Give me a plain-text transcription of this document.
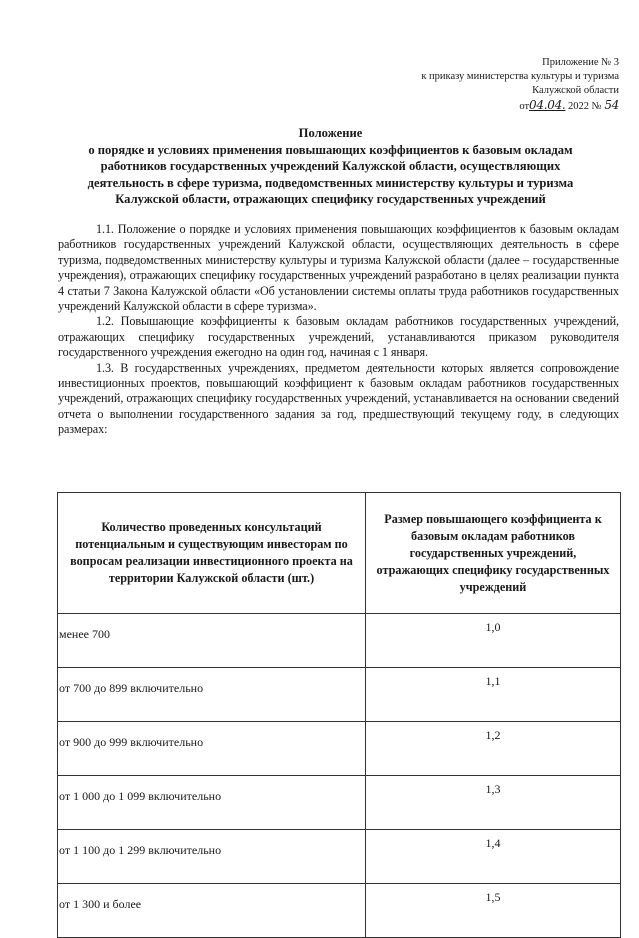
Приложение № 3
к приказу министерства культуры и туризма
Калужской области
от04.04. 2022 № 54
Положение
о порядке и условиях применения повышающих коэффициентов к базовым окладам
работников государственных учреждений Калужской области, осуществляющих
деятельность в сфере туризма, подведомственных министерству культуры и туризма
Калужской области, отражающих специфику государственных учреждений

1.1. Положение о порядке и условиях применения повышающих коэффициентов к базовым окладам работников государственных учреждений Калужской области, осуществляющих деятельность в сфере туризма, подведомственных министерству культуры и туризма Калужской области (далее – государственные учреждения), отражающих специфику государственных учреждений разработано в целях реализации пункта 4 статьи 7 Закона Калужской области «Об установлении системы оплаты труда работников государственных учреждений Калужской области в сфере туризма».

1.2. Повышающие коэффициенты к базовым окладам работников государственных учреждений, отражающих специфику государственных учреждений, устанавливаются приказом руководителя государственного учреждения ежегодно на один год, начиная с 1 января.

1.3. В государственных учреждениях, предметом деятельности которых является сопровождение инвестиционных проектов, повышающий коэффициент к базовым окладам работников государственных учреждений, отражающих специфику государственных учреждений, устанавливается на основании сведений отчета о выполнении государственного задания за год, предшествующий текущему году, в следующих размерах:

Количество проведенных консультаций потенциальным и существующим инвесторам по вопросам реализации инвестиционного проекта на территории Калужской области (шт.)	Размер повышающего коэффициента к базовым окладам работников государственных учреждений, отражающих специфику государственных учреждений
менее 700	1,0
от 700 до 899 включительно	1,1
от 900 до 999 включительно	1,2
от 1 000 до 1 099 включительно	1,3
от 1 100 до 1 299 включительно	1,4
от 1 300 и более	1,5
